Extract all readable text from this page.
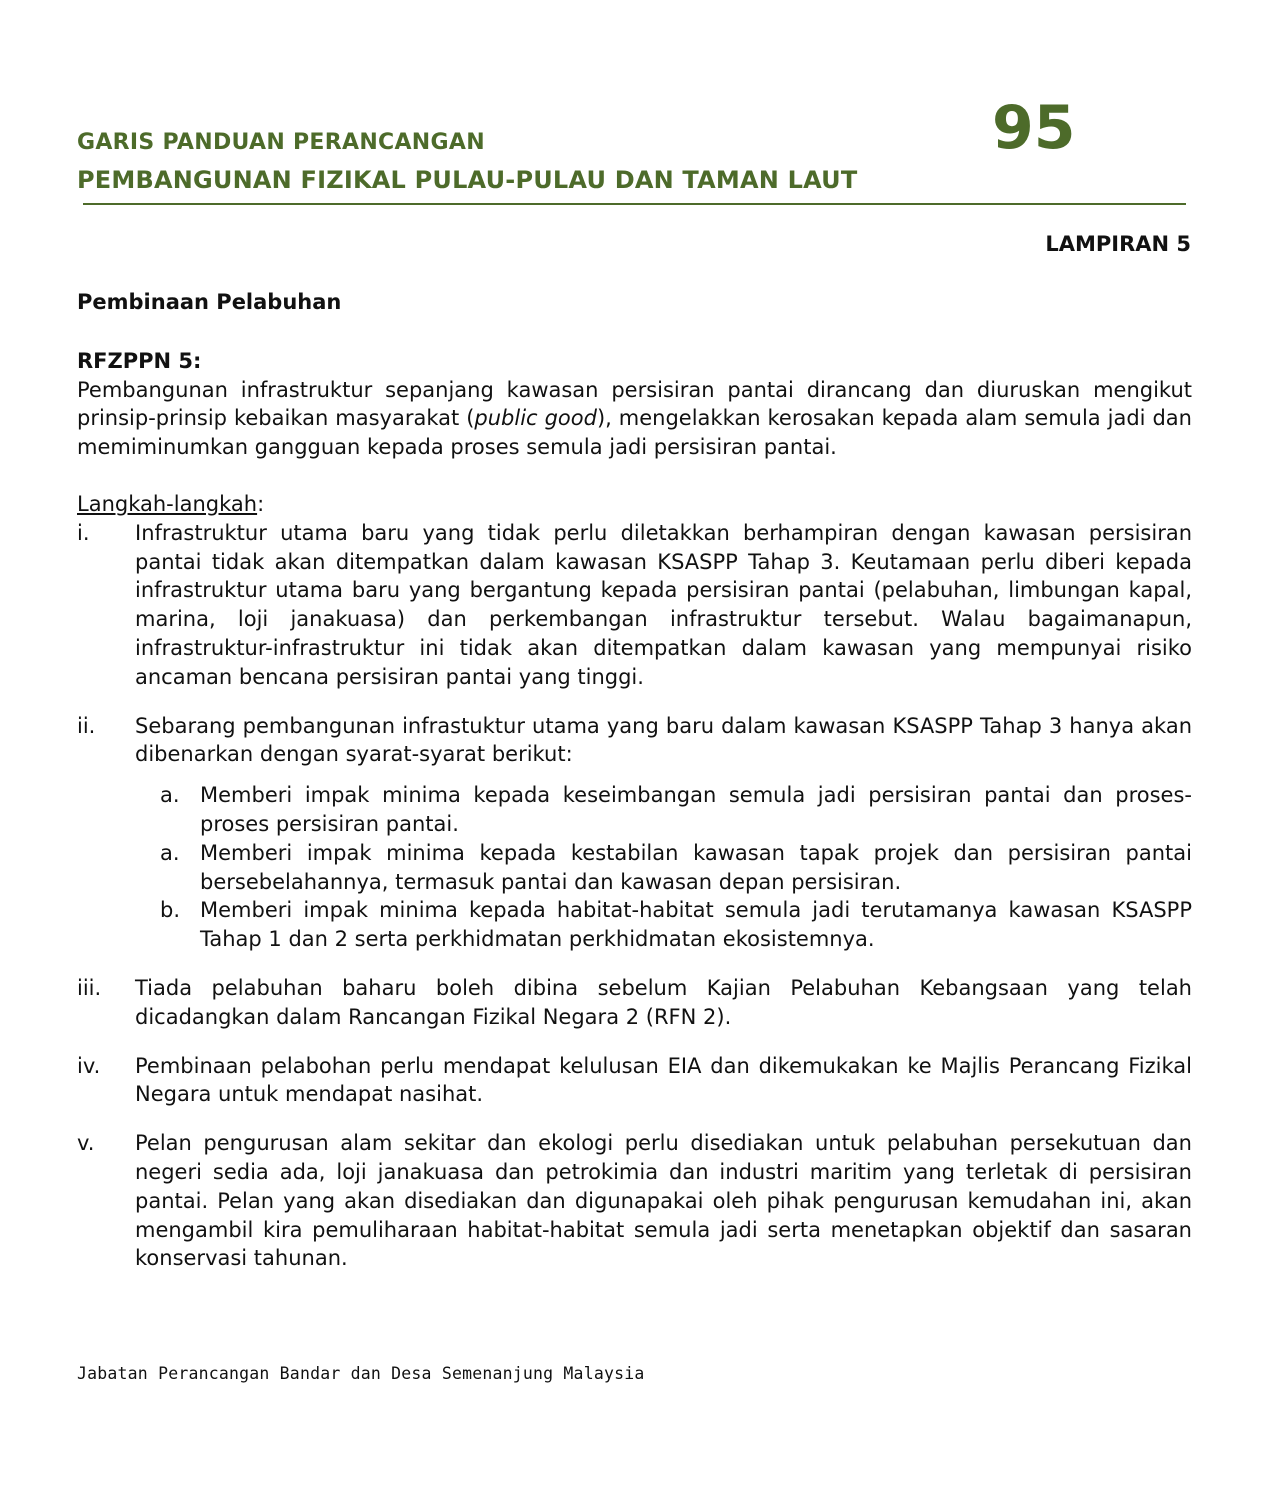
GARIS PANDUAN PERANCANGAN
PEMBANGUNAN FIZIKAL PULAU-PULAU DAN TAMAN LAUT
95
LAMPIRAN 5

Pembinaan Pelabuhan

RFZPPN 5:

Pembangunan infrastruktur sepanjang kawasan persisiran pantai dirancang dan diuruskan mengikut prinsip-prinsip kebaikan masyarakat (public good), mengelakkan kerosakan kepada alam semula jadi dan memiminumkan gangguan kepada proses semula jadi persisiran pantai.

Langkah-langkah:

i.	Infrastruktur utama baru yang tidak perlu diletakkan berhampiran dengan kawasan persisiran pantai tidak akan ditempatkan dalam kawasan KSASPP Tahap 3. Keutamaan perlu diberi kepada infrastruktur utama baru yang bergantung kepada persisiran pantai (pelabuhan, limbungan kapal, marina, loji janakuasa) dan perkembangan infrastruktur tersebut. Walau bagaimanapun, infrastruktur-infrastruktur ini tidak akan ditempatkan dalam kawasan yang mempunyai risiko ancaman bencana persisiran pantai yang tinggi.
ii.	Sebarang pembangunan infrastuktur utama yang baru dalam kawasan KSASPP Tahap 3 hanya akan dibenarkan dengan syarat-syarat berikut:
a. Memberi impak minima kepada keseimbangan semula jadi persisiran pantai dan proses-proses persisiran pantai.
a. Memberi impak minima kepada kestabilan kawasan tapak projek dan persisiran pantai bersebelahannya, termasuk pantai dan kawasan depan persisiran.
b. Memberi impak minima kepada habitat-habitat semula jadi terutamanya kawasan KSASPP Tahap 1 dan 2 serta perkhidmatan perkhidmatan ekosistemnya.
iii.	Tiada pelabuhan baharu boleh dibina sebelum Kajian Pelabuhan Kebangsaan yang telah dicadangkan dalam Rancangan Fizikal Negara 2 (RFN 2).
iv.	Pembinaan pelabohan perlu mendapat kelulusan EIA dan dikemukakan ke Majlis Perancang Fizikal Negara untuk mendapat nasihat.
v.	Pelan pengurusan alam sekitar dan ekologi perlu disediakan untuk pelabuhan persekutuan dan negeri sedia ada, loji janakuasa dan petrokimia dan industri maritim yang terletak di persisiran pantai. Pelan yang akan disediakan dan digunapakai oleh pihak pengurusan kemudahan ini, akan mengambil kira pemuliharaan habitat-habitat semula jadi serta menetapkan objektif dan sasaran konservasi tahunan.
Jabatan Perancangan Bandar dan Desa Semenanjung Malaysia
